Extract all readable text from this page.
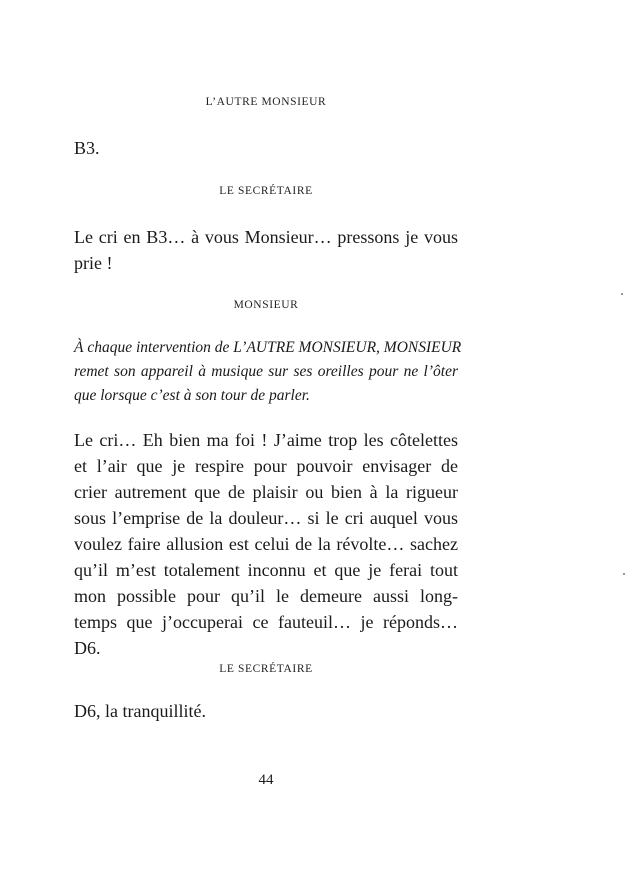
L’AUTRE MONSIEUR
B3.
LE SECRÉTAIRE
Le cri en B3… à vous Monsieur… pressons je vous
prie !
MONSIEUR
À chaque intervention de L’AUTRE MONSIEUR, MONSIEUR
remet son appareil à musique sur ses oreilles pour ne l’ôter
que lorsque c’est à son tour de parler.
Le cri… Eh bien ma foi ! J’aime trop les côtelettes
et l’air que je respire pour pouvoir envisager de
crier autrement que de plaisir ou bien à la rigueur
sous l’emprise de la douleur… si le cri auquel vous
voulez faire allusion est celui de la révolte… sachez
qu’il m’est totalement inconnu et que je ferai tout
mon possible pour qu’il le demeure aussi long-
temps que j’occuperai ce fauteuil… je réponds…
D6.
LE SECRÉTAIRE
D6, la tranquillité.
44
